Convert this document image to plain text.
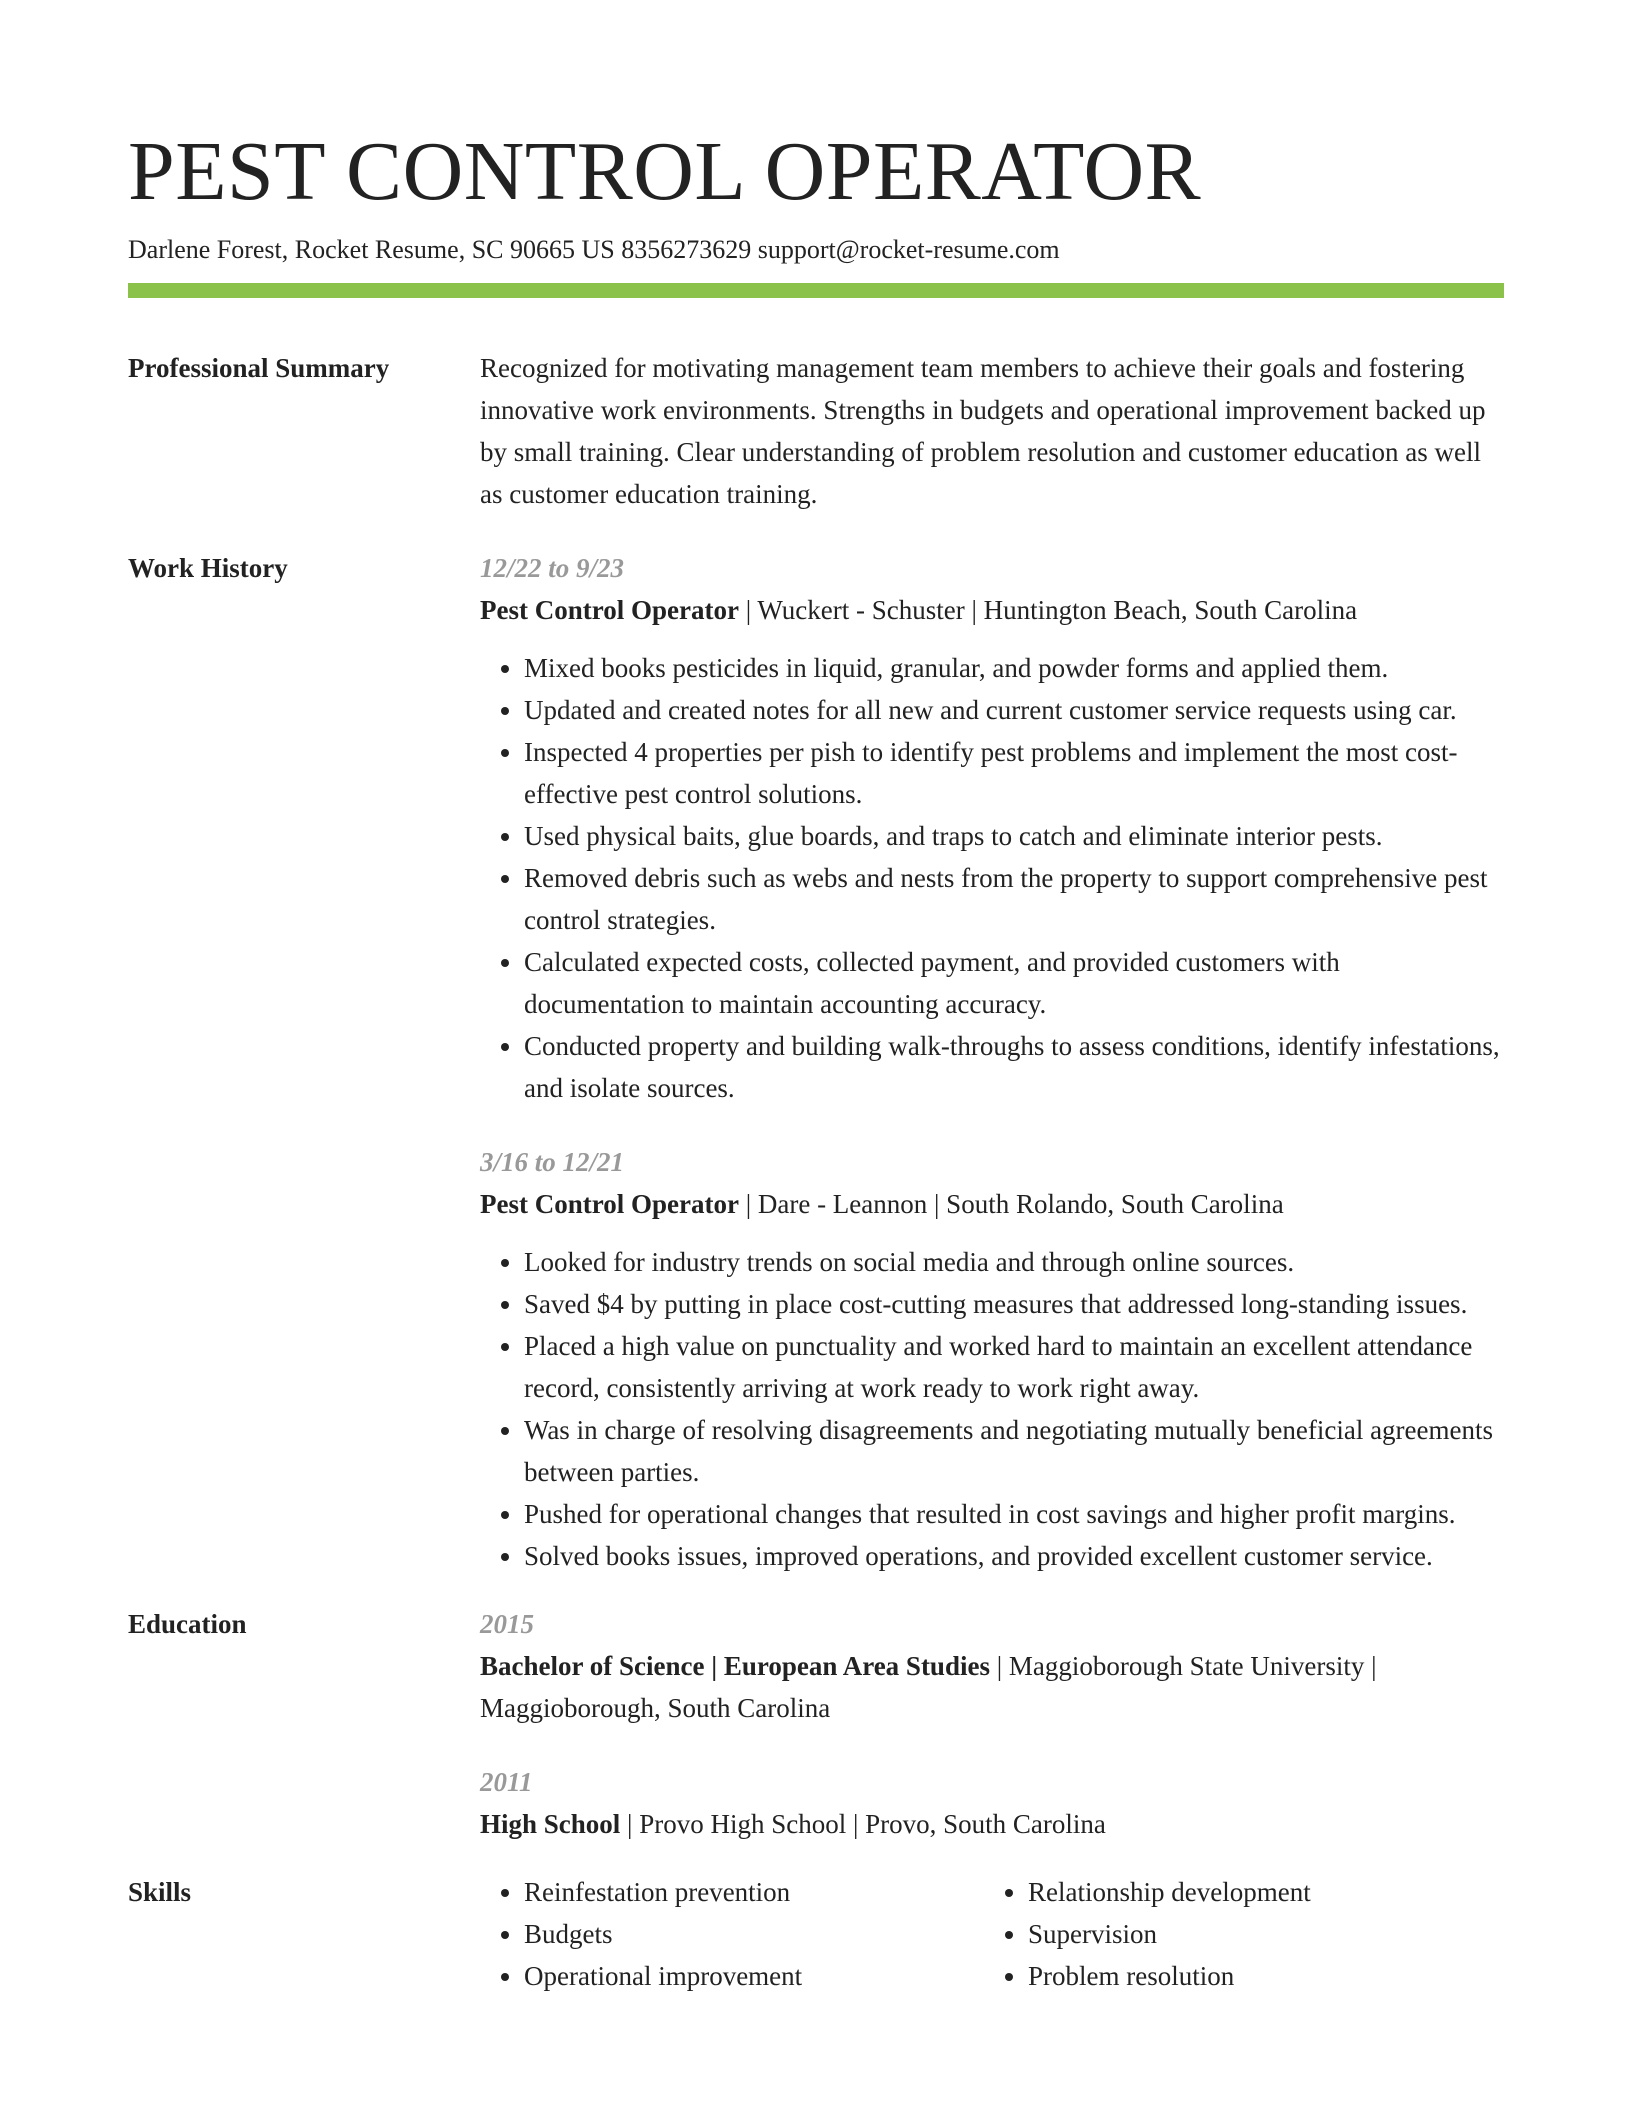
PEST CONTROL OPERATOR
Darlene Forest, Rocket Resume, SC 90665 US 8356273629 support@rocket-resume.com
Professional Summary	Recognized for motivating management team members to achieve their goals and fostering innovative work environments. Strengths in budgets and operational improvement backed up by small training. Clear understanding of problem resolution and customer education as well as customer education training.
Work History	12/22 to 9/23
Pest Control Operator | Wuckert - Schuster | Huntington Beach, South Carolina
• Mixed books pesticides in liquid, granular, and powder forms and applied them.
• Updated and created notes for all new and current customer service requests using car.
• Inspected 4 properties per pish to identify pest problems and implement the most cost-effective pest control solutions.
• Used physical baits, glue boards, and traps to catch and eliminate interior pests.
• Removed debris such as webs and nests from the property to support comprehensive pest control strategies.
• Calculated expected costs, collected payment, and provided customers with documentation to maintain accounting accuracy.
• Conducted property and building walk-throughs to assess conditions, identify infestations, and isolate sources.
3/16 to 12/21
Pest Control Operator | Dare - Leannon | South Rolando, South Carolina
• Looked for industry trends on social media and through online sources.
• Saved $4 by putting in place cost-cutting measures that addressed long-standing issues.
• Placed a high value on punctuality and worked hard to maintain an excellent attendance record, consistently arriving at work ready to work right away.
• Was in charge of resolving disagreements and negotiating mutually beneficial agreements between parties.
• Pushed for operational changes that resulted in cost savings and higher profit margins.
• Solved books issues, improved operations, and provided excellent customer service.
Education	2015
Bachelor of Science | European Area Studies | Maggioborough State University | Maggioborough, South Carolina
2011
High School | Provo High School | Provo, South Carolina
Skills
•	Reinfestation prevention
• Budgets
• Operational improvement
• Relationship development
• Supervision
• Problem resolution
